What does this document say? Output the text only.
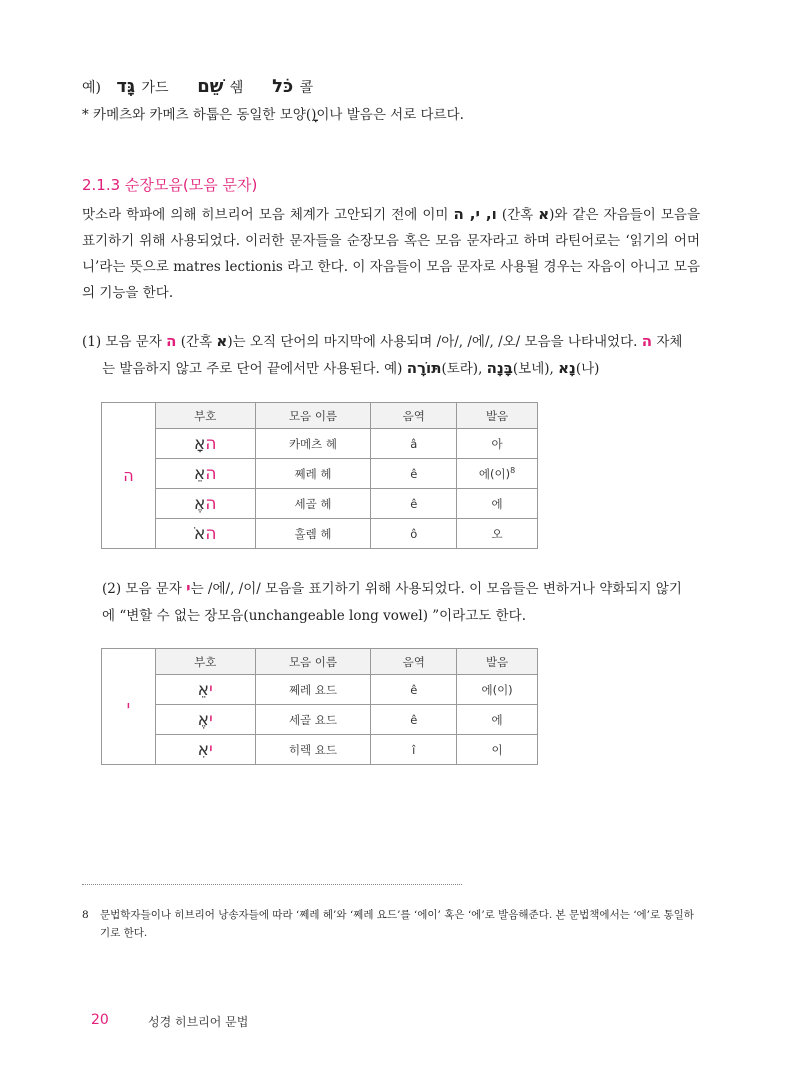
예) גָּד 가드 שֵׁם 쉠 כֹּל 콜
* 카메츠와 카메츠 하툽은 동일한 모양()이나 발음은 서로 다르다.
2.1.3 순장모음(모음 문자)
맛소라 학파에 의해 히브리어 모음 체계가 고안되기 전에 이미 ו, י, ה (간혹 א)와 같은 자음들이 모음을 표기하기 위해 사용되었다. 이러한 문자들을 순장모음 혹은 모음 문자라고 하며 라틴어로는 ‘읽기의 어머니’라는 뜻으로 matres lectionis 라고 한다. 이 자음들이 모음 문자로 사용될 경우는 자음이 아니고 모음의 기능을 한다.
(1) 모음 문자 ה (간혹 א)는 오직 단어의 마지막에 사용되며 /아/, /에/, /오/ 모음을 나타내었다. ה 자체
는 발음하지 않고 주로 단어 끝에서만 사용된다. 예) תּוֹרָה(토라), בָּנָה(보네), נָא(나)
ה	부호	모음 이름	음역	발음
	האָ	카메츠 헤	â	아
	האֵ	쩨레 헤	ê	에(이)$^8$
	האֶ	세골 헤	ê	에
	האֹ	홀렘 헤	ô	오
(2) 모음 문자 י는 /에/, /이/ 모음을 표기하기 위해 사용되었다. 이 모음들은 변하거나 약화되지 않기
에 “변할 수 없는 장모음(unchangeable long vowel) ”이라고도 한다.
י	부호	모음 이름	음역	발음
	יאֵ	쩨레 요드	ê	에(이)
	יאֶ	세골 요드	ê	에
	יאִ	히렉 요드	î	이
8 문법학자들이나 히브리어 낭송자들에 따라 ‘쩨레 헤’와 ‘쩨레 요드’를 ‘에이’ 혹은 ‘에’로 발음해준다. 본 문법책에서는 ‘에’로 통일하기로 한다.
20	성경 히브리어 문법
